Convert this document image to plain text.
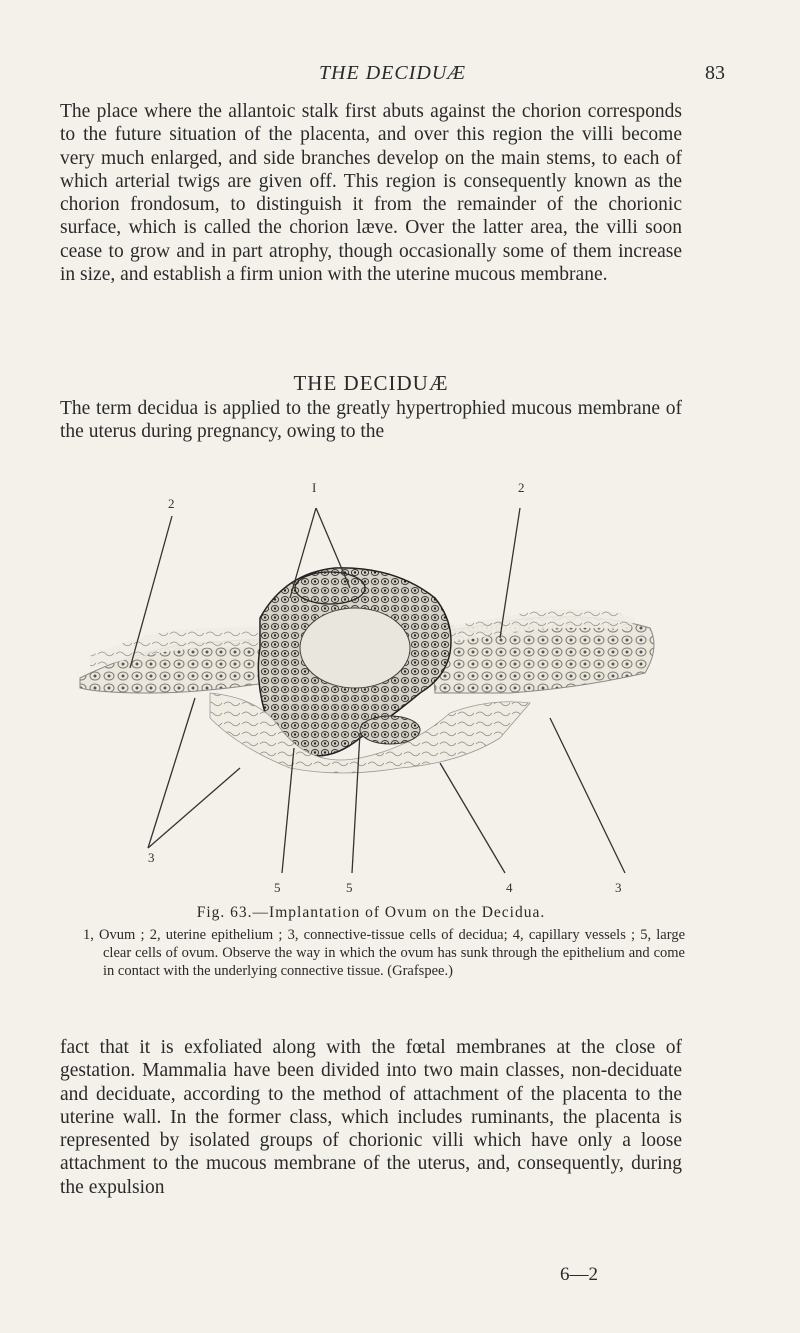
THE DECIDUÆ	83
The place where the allantoic stalk first abuts against the chorion corresponds to the future situation of the placenta, and over this region the villi become very much enlarged, and side branches develop on the main stems, to each of which arterial twigs are given off. This region is consequently known as the chorion frondosum, to distinguish it from the remainder of the chorionic surface, which is called the chorion læve. Over the latter area, the villi soon cease to grow and in part atrophy, though occasionally some of them increase in size, and establish a firm union with the uterine mucous membrane.
THE DECIDUÆ
The term decidua is applied to the greatly hypertrophied mucous membrane of the uterus during pregnancy, owing to the
2
I	2
3
5	5	4	3
Fig. 63.—Implantation of Ovum on the Decidua.
1, Ovum ; 2, uterine epithelium ; 3, connective-tissue cells of decidua; 4, capillary vessels ; 5, large clear cells of ovum. Observe the way in which the ovum has sunk through the epithelium and come in contact with the underlying connective tissue. (Grafspee.)
fact that it is exfoliated along with the fœtal membranes at the close of gestation. Mammalia have been divided into two main classes, non-deciduate and deciduate, according to the method of attachment of the placenta to the uterine wall. In the former class, which includes ruminants, the placenta is represented by isolated groups of chorionic villi which have only a loose attachment to the mucous membrane of the uterus, and, consequently, during the expulsion
6—2
